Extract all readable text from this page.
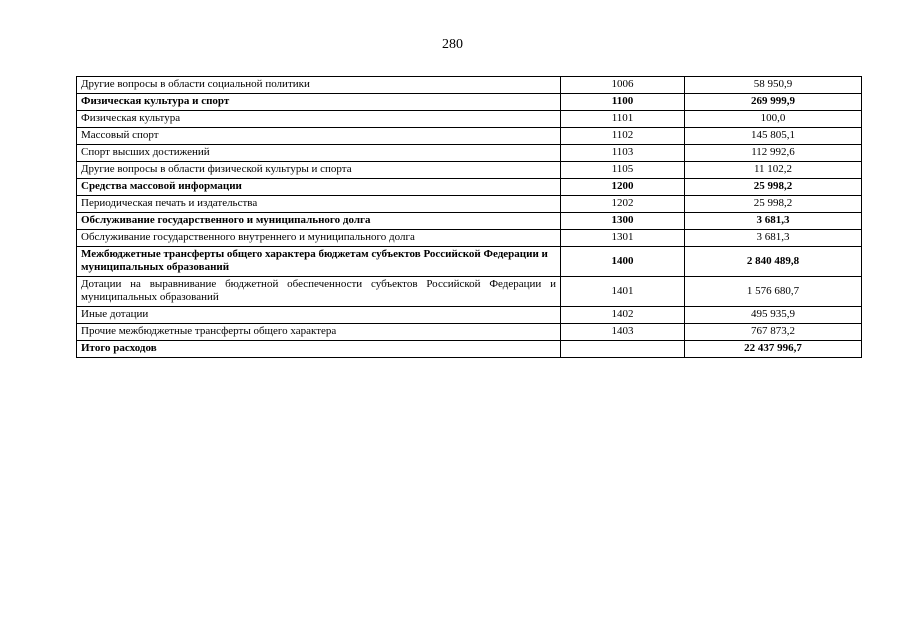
280
Другие вопросы в области социальной политики	1006	58 950,9
Физическая культура и спорт	1100	269 999,9
Физическая культура	1101	100,0
Массовый спорт	1102	145 805,1
Спорт высших достижений	1103	112 992,6
Другие вопросы в области физической культуры и спорта	1105	11 102,2
Средства массовой информации	1200	25 998,2
Периодическая печать и издательства	1202	25 998,2
Обслуживание государственного и муниципального долга	1300	3 681,3
Обслуживание государственного внутреннего и муниципального долга	1301	3 681,3
Межбюджетные трансферты общего характера бюджетам субъектов Российской Федерации и муниципальных образований	1400	2 840 489,8
Дотации на выравнивание бюджетной обеспеченности субъектов Российской Федерации и муниципальных образований	1401	1 576 680,7
Иные дотации	1402	495 935,9
Прочие межбюджетные трансферты общего характера	1403	767 873,2
Итого расходов		22 437 996,7
